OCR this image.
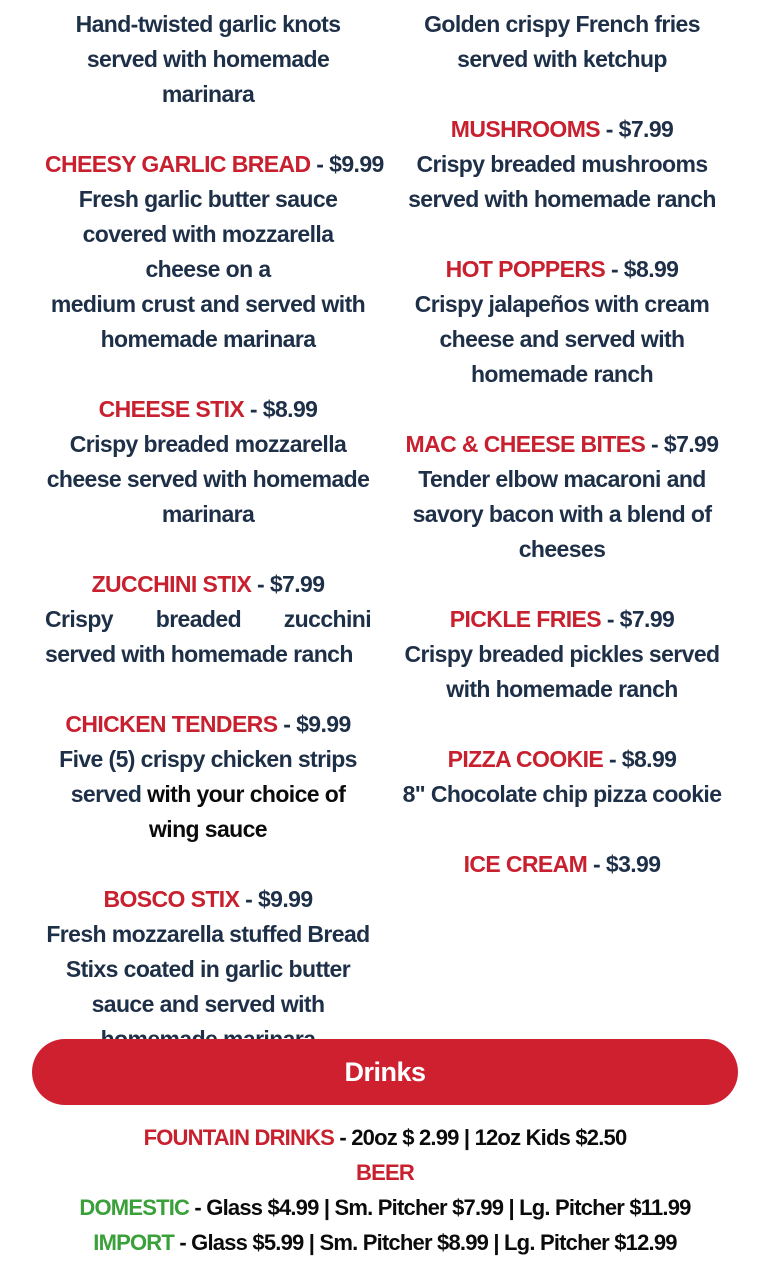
Hand-twisted garlic knots served with homemade marinara
CHEESY GARLIC BREAD - $9.99
Fresh garlic butter sauce covered with mozzarella cheese on a
medium crust and served with homemade marinara
CHEESE STIX - $8.99
Crispy breaded mozzarella cheese served with homemade marinara
ZUCCHINI STIX - $7.99
Crispy breaded zucchini served with homemade ranch
CHICKEN TENDERS - $9.99
Five (5) crispy chicken strips served with your choice of wing sauce
BOSCO STIX - $9.99
Fresh mozzarella stuffed Bread Stixs coated in garlic butter sauce and served with
Golden crispy French fries served with ketchup
MUSHROOMS - $7.99
Crispy breaded mushrooms served with homemade ranch
HOT POPPERS - $8.99
Crispy jalapeños with cream cheese and served with homemade ranch
MAC & CHEESE BITES - $7.99
Tender elbow macaroni and savory bacon with a blend of cheeses
PICKLE FRIES - $7.99
Crispy breaded pickles served with homemade ranch
PIZZA COOKIE - $8.99
8" Chocolate chip pizza cookie
ICE CREAM - $3.99
Drinks
FOUNTAIN DRINKS - 20oz $ 2.99 | 12oz Kids $2.50
BEER
DOMESTIC - Glass $4.99 | Sm. Pitcher $7.99 | Lg. Pitcher $11.99
IMPORT - Glass $5.99 | Sm. Pitcher $8.99 | Lg. Pitcher $12.99
